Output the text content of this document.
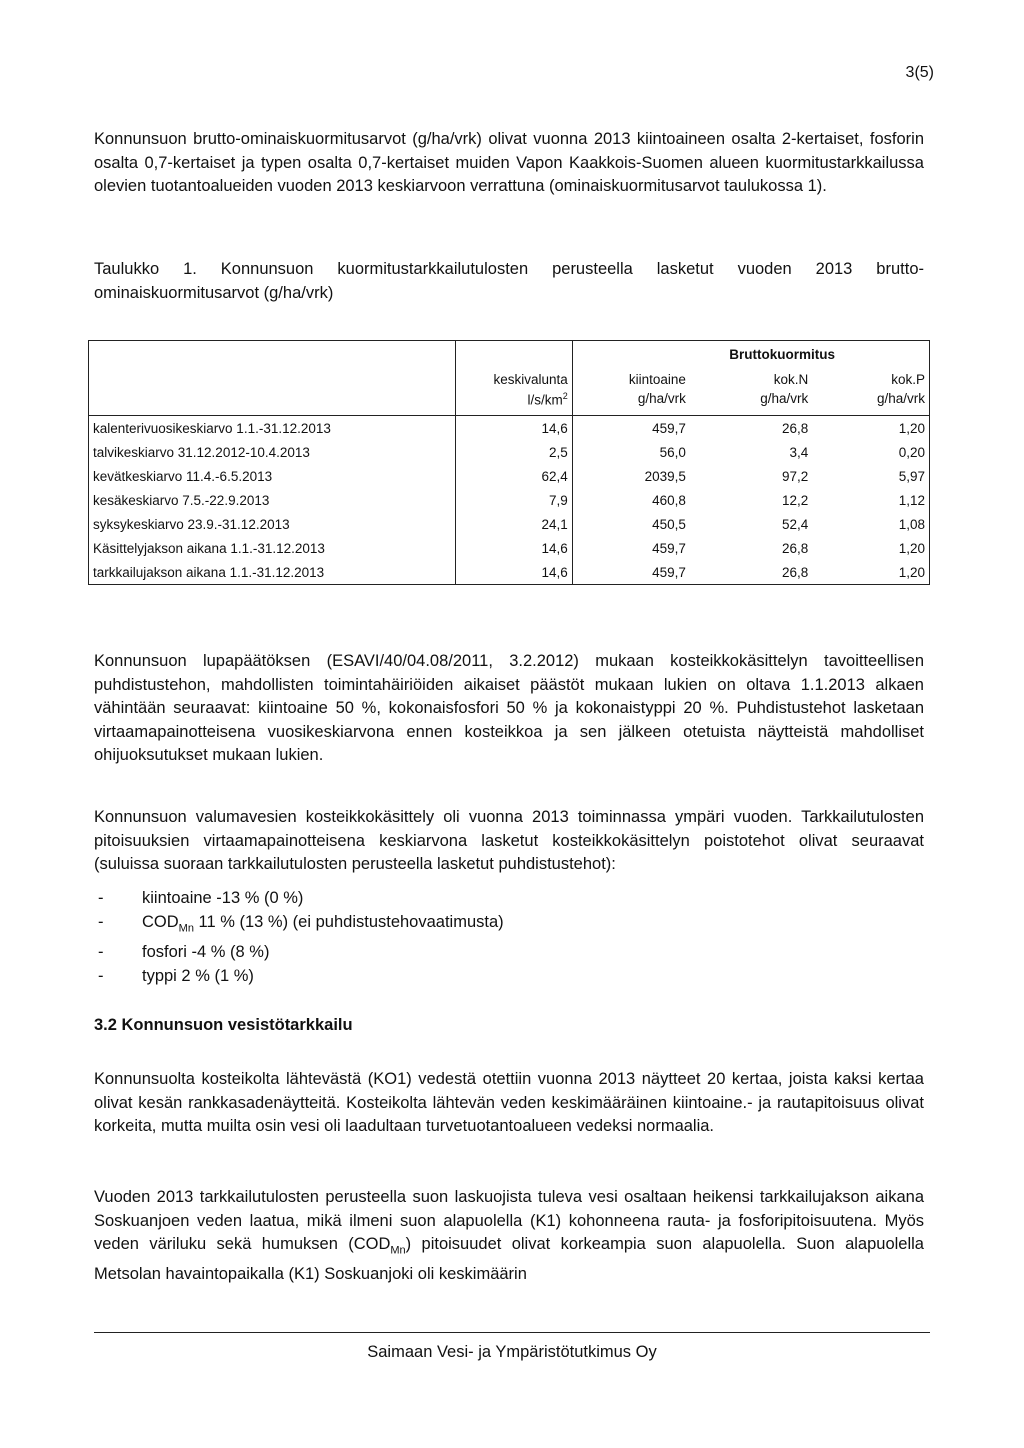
3(5)

Konnunsuon brutto-ominaiskuormitusarvot (g/ha/vrk) olivat vuonna 2013 kiintoaineen osalta 2-kertaiset, fosforin osalta 0,7-kertaiset ja typen osalta 0,7-kertaiset muiden Vapon Kaakkois-Suomen alueen kuormitustarkkailussa olevien tuotantoalueiden vuoden 2013 keskiarvoon verrattuna (ominaiskuormitusarvot taulukossa 1).

Taulukko 1. Konnunsuon kuormitustarkkailutulosten perusteella lasketut vuoden 2013 brutto-ominaiskuormitusarvot (g/ha/vrk)

		Bruttokuormitus		
	keskivalunta	kiintoaine	kok.N	kok.P
	$l/s/km^2$	g/ha/vrk	g/ha/vrk	g/ha/vrk
kalenterivuosikeskiarvo 1.1.-31.12.2013	14,6	459,7	26,8	1,20
talvikeskiarvo 31.12.2012-10.4.2013	2,5	56,0	3,4	0,20
kevätkeskiarvo 11.4.-6.5.2013	62,4	2039,5	97,2	5,97
kesäkeskiarvo 7.5.-22.9.2013	7,9	460,8	12,2	1,12
syksykeskiarvo 23.9.-31.12.2013	24,1	450,5	52,4	1,08
Käsittelyjakson aikana 1.1.-31.12.2013	14,6	459,7	26,8	1,20
tarkkailujakson aikana 1.1.-31.12.2013	14,6	459,7	26,8	1,20

Konnunsuon lupapäätöksen (ESAVI/40/04.08/2011, 3.2.2012) mukaan kosteikkokäsittelyn tavoitteellisen puhdistustehon, mahdollisten toimintahäiriöiden aikaiset päästöt mukaan lukien on oltava 1.1.2013 alkaen vähintään seuraavat: kiintoaine 50 %, kokonaisfosfori 50 % ja kokonaistyppi 20 %. Puhdistustehot lasketaan virtaamapainotteisena vuosikeskiarvona ennen kosteikkoa ja sen jälkeen otetuista näytteistä mahdolliset ohijuoksutukset mukaan lukien.

Konnunsuon valumavesien kosteikkokäsittely oli vuonna 2013 toiminnassa ympäri vuoden. Tarkkailutulosten pitoisuuksien virtaamapainotteisena keskiarvona lasketut kosteikkokäsittelyn poistotehot olivat seuraavat (suluissa suoraan tarkkailutulosten perusteella lasketut puhdistustehot):

- kiintoaine -13 % (0 %)
- $COD_{Mn}$ 11 % (13 %) (ei puhdistustehovaatimusta)
- fosfori -4 % (8 %)
- typpi 2 % (1 %)
3.2 Konnunsuon vesistötarkkailu

Konnunsuolta kosteikolta lähtevästä (KO1) vedestä otettiin vuonna 2013 näytteet 20 kertaa, joista kaksi kertaa olivat kesän rankkasadenäytteitä. Kosteikolta lähtevän veden keskimääräinen kiintoaine.- ja rautapitoisuus olivat korkeita, mutta muilta osin vesi oli laadultaan turvetuotantoalueen vedeksi normaalia.

Vuoden 2013 tarkkailutulosten perusteella suon laskuojista tuleva vesi osaltaan heikensi tarkkailujakson aikana Soskuanjoen veden laatua, mikä ilmeni suon alapuolella (K1) kohonneena rauta- ja fosforipitoisuutena. Myös veden väriluku sekä humuksen $(COD_{Mn})$ pitoisuudet olivat korkeampia suon alapuolella. Suon alapuolella Metsolan havaintopaikalla (K1) Soskuanjoki oli keskimäärin

Saimaan Vesi- ja Ympäristötutkimus Oy
